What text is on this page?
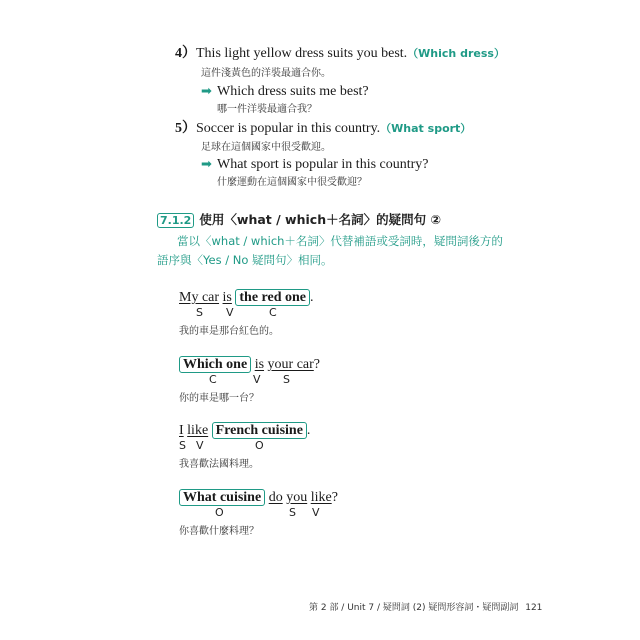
4）This light yellow dress suits you best.（Which dress）
這件淺黃色的洋裝最適合你。
➡ Which dress suits me best?
哪一件洋裝最適合我？
5）Soccer is popular in this country.（What sport）
足球在這個國家中很受歡迎。
➡ What sport is popular in this country?
什麼運動在這個國家中很受歡迎？
7.1.2 使用〈what / which＋名詞〉的疑問句 ②
當以〈what / which＋名詞〉代替補語或受詞時，疑問詞後方的
語序與〈Yes / No 疑問句〉相同。
My car is the red one .
S V	C
我的車是那台紅色的。
Which one is your car?
C	V S
你的車是哪一台？
I like French cuisine .
S V	O
我喜歡法國料理。
What cuisine do you like?
O	S V
你喜歡什麼料理？
第 2 部 / Unit 7 / 疑問詞 (2) 疑問形容詞・疑問副詞 121
